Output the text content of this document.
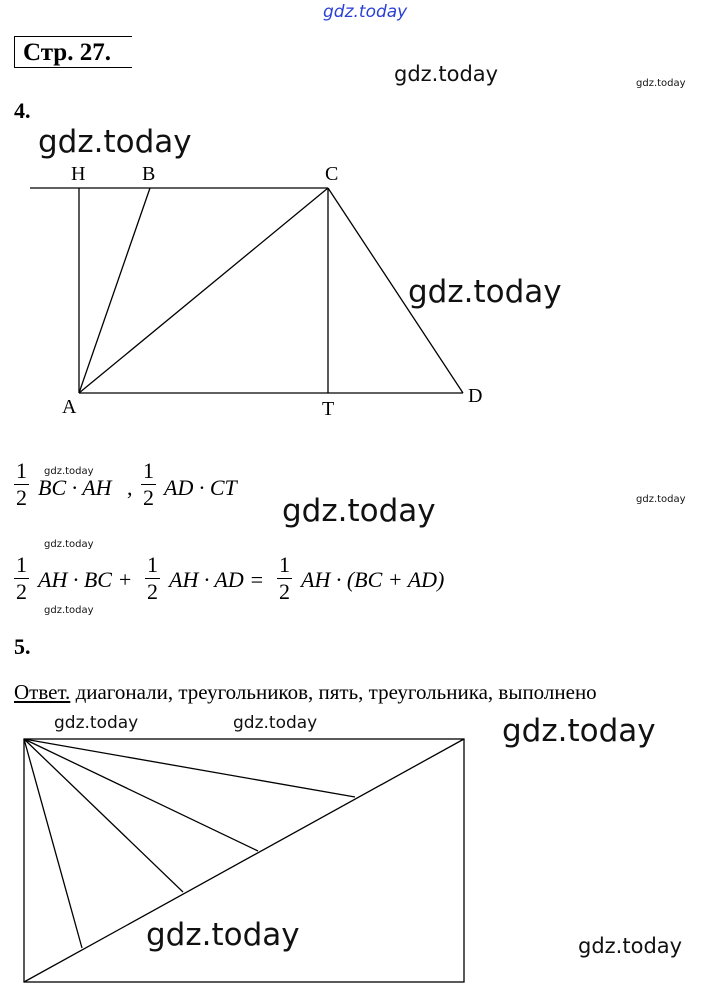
gdz.today
gdz.today	gdz.today
gdz.today
gdz.today
gdz.today
gdz.today
gdz.today
gdz.today
gdz.today
gdz.today	gdz.today	gdz.today
gdz.today	gdz.today
Стр. 27.
4.
H	B	C
A	T
D
$\frac{1}{2}$ BC · AH , $\frac{1}{2}$ AD · CT
$\frac{1}{2}$ AH · BC + $\frac{1}{2}$ AH · AD = $\frac{1}{2}$ AH · (BC + AD)
5.
Ответ. диагонали, треугольников, пять, треугольника, выполнено
